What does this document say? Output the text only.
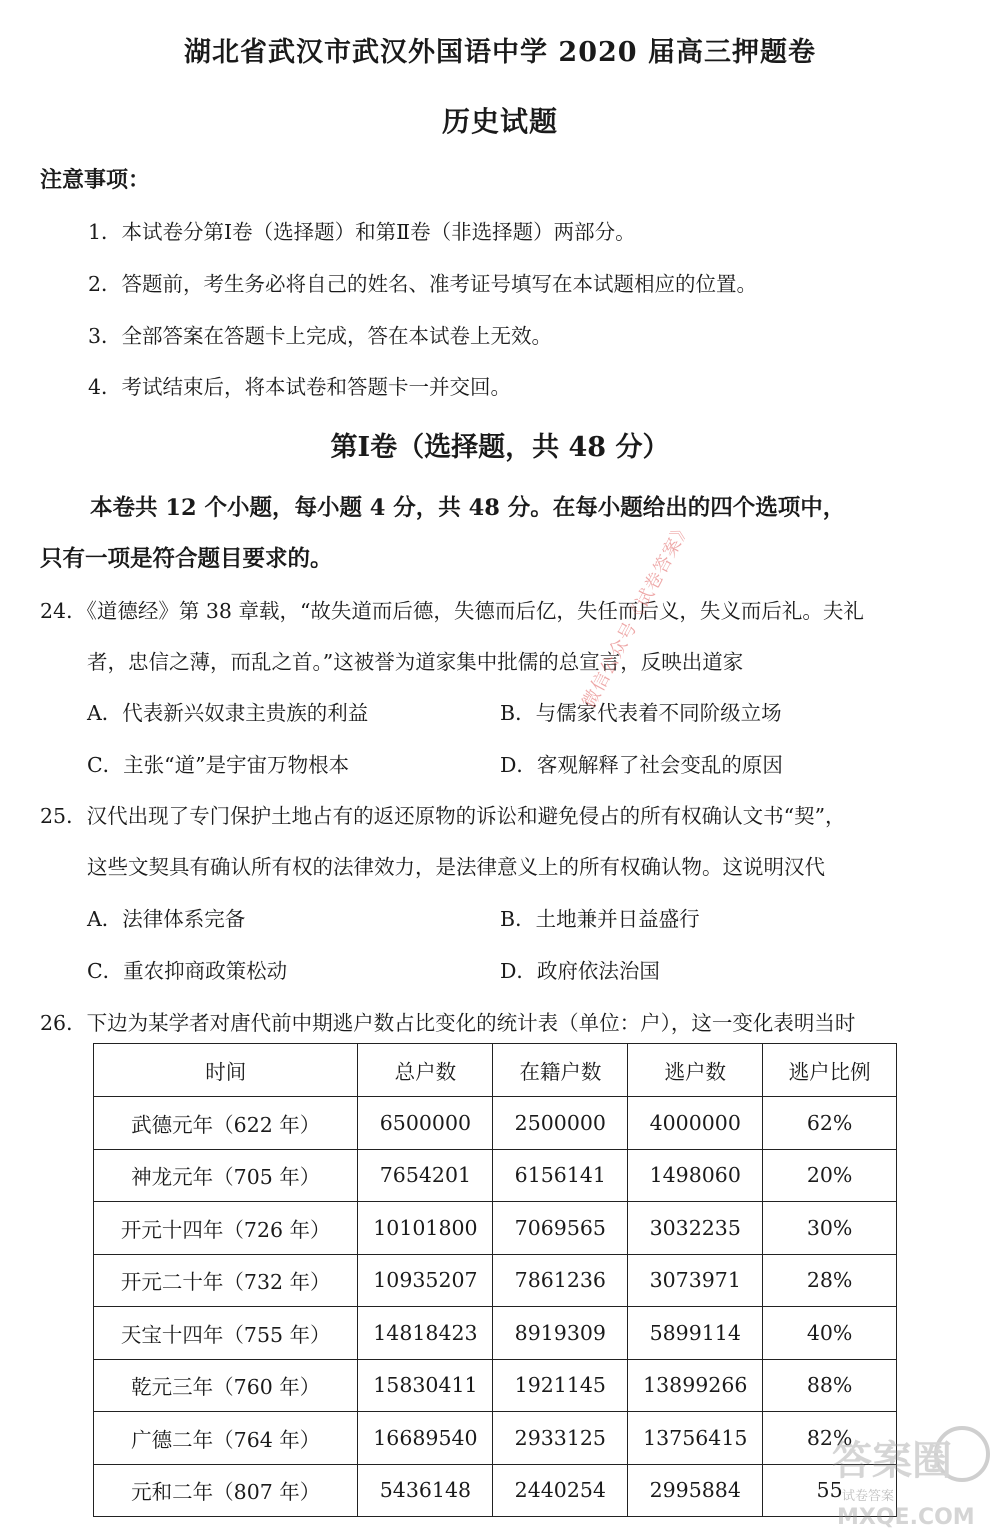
湖北省武汉市武汉外国语中学 2020 届高三押题卷
历史试题
注意事项：
1．本试卷分第Ⅰ卷（选择题）和第Ⅱ卷（非选择题）两部分。
2．答题前，考生务必将自己的姓名、准考证号填写在本试题相应的位置。
3．全部答案在答题卡上完成，答在本试卷上无效。
4．考试结束后，将本试卷和答题卡一并交回。
第Ⅰ卷（选择题，共 48 分）
本卷共 12 个小题，每小题 4 分，共 48 分。在每小题给出的四个选项中，
只有一项是符合题目要求的。
24．《道德经》第 38 章载，“故失道而后德，失德而后亿，失任而后义，失义而后礼。夫礼
者，忠信之薄，而乱之首。”这被誉为道家集中批儒的总宣言，反映出道家
A．代表新兴奴隶主贵族的利益	B．与儒家代表着不同阶级立场
C．主张“道”是宇宙万物根本	D．客观解释了社会变乱的原因
25．汉代出现了专门保护土地占有的返还原物的诉讼和避免侵占的所有权确认文书“契”，
这些文契具有确认所有权的法律效力，是法律意义上的所有权确认物。这说明汉代
A．法律体系完备	B．土地兼并日益盛行
C．重农抑商政策松动	D．政府依法治国
26．下边为某学者对唐代前中期逃户数占比变化的统计表（单位：户），这一变化表明当时
时间	总户数	在籍户数	逃户数	逃户比例
武德元年（622 年）	6500000	2500000	4000000	62%
神龙元年（705 年）	7654201	6156141	1498060	20%
开元十四年（726 年）	10101800	7069565	3032235	30%
开元二十年（732 年）	10935207	7861236	3073971	28%
天宝十四年（755 年）	14818423	8919309	5899114	40%
乾元三年（760 年）	15830411	1921145	13899266	88%
广德二年（764 年）	16689540	2933125	13756415	82%
元和二年（807 年）	5436148	2440254	2995884	55
微信公众号《试卷答案》
答案圈
试卷答案
MXQE.COM
